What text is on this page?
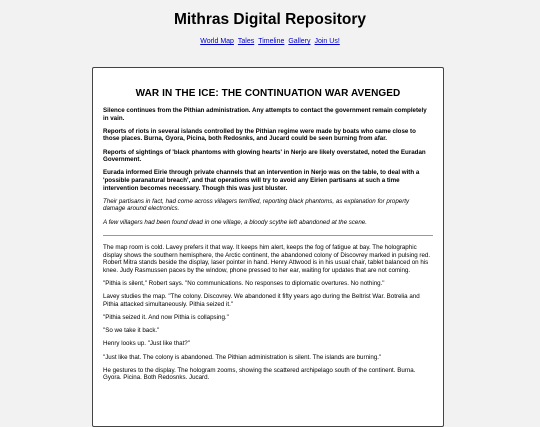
Mithras Digital Repository
World Map Tales Timeline Gallery Join Us!
WAR IN THE ICE: THE CONTINUATION WAR AVENGED

Silence continues from the Pithian administration. Any attempts to contact the government remain completely in vain.

Reports of riots in several islands controlled by the Pithian regime were made by boats who came close to those places. Burna, Gyora, Picina, both Redosnks, and Jucard could be seen burning from afar.

Reports of sightings of 'black phantoms with glowing hearts' in Nerjo are likely overstated, noted the Euradan Government.

Eurada informed Eirie through private channels that an intervention in Nerjo was on the table, to deal with a 'possible paranatural breach', and that operations will try to avoid any Eirien partisans at such a time intervention becomes necessary. Though this was just bluster.

Their partisans in fact, had come across villagers terrified, reporting black phantoms, as explanation for property damage around electronics.

A few villagers had been found dead in one village, a bloody scythe left abandoned at the scene.

The map room is cold. Lavey prefers it that way. It keeps him alert, keeps the fog of fatigue at bay. The holographic display shows the southern hemisphere, the Arctic continent, the abandoned colony of Discovrey marked in pulsing red. Robert Mitra stands beside the display, laser pointer in hand. Henry Attwood is in his usual chair, tablet balanced on his knee. Judy Rasmussen paces by the window, phone pressed to her ear, waiting for updates that are not coming.

"Pithia is silent," Robert says. "No communications. No responses to diplomatic overtures. No nothing."

Lavey studies the map. "The colony. Discovrey. We abandoned it fifty years ago during the Beltrist War. Botrelia and Pithia attacked simultaneously. Pithia seized it."

"Pithia seized it. And now Pithia is collapsing."

"So we take it back."

Henry looks up. "Just like that?"

"Just like that. The colony is abandoned. The Pithian administration is silent. The islands are burning."

He gestures to the display. The hologram zooms, showing the scattered archipelago south of the continent. Burna. Gyora. Picina. Both Redosnks. Jucard.
